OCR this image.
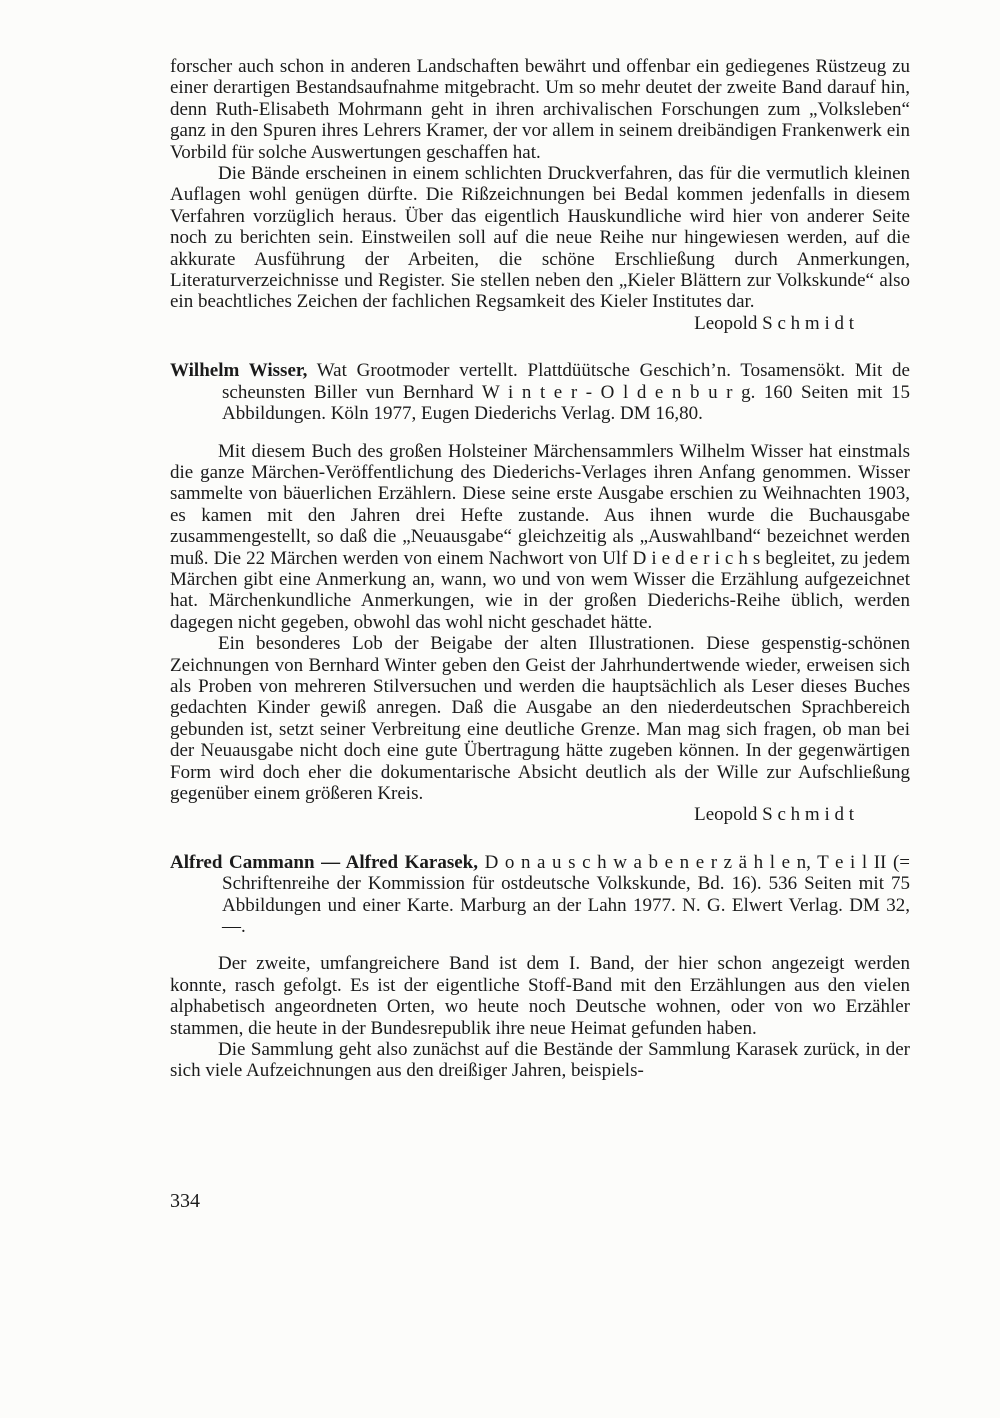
forscher auch schon in anderen Landschaften bewährt und offenbar ein gediegenes Rüstzeug zu einer derartigen Bestandsaufnahme mitgebracht. Um so mehr deutet der zweite Band darauf hin, denn Ruth-Elisabeth Mohrmann geht in ihren archivalischen Forschungen zum „Volksleben“ ganz in den Spuren ihres Lehrers Kramer, der vor allem in seinem dreibändigen Frankenwerk ein Vorbild für solche Auswertungen geschaffen hat.

Die Bände erscheinen in einem schlichten Druckverfahren, das für die vermutlich kleinen Auflagen wohl genügen dürfte. Die Rißzeichnungen bei Bedal kommen jedenfalls in diesem Verfahren vorzüglich heraus. Über das eigentlich Hauskundliche wird hier von anderer Seite noch zu berichten sein. Einstweilen soll auf die neue Reihe nur hingewiesen werden, auf die akkurate Ausführung der Arbeiten, die schöne Erschließung durch Anmerkungen, Literaturverzeichnisse und Register. Sie stellen neben den „Kieler Blättern zur Volkskunde“ also ein beachtliches Zeichen der fachlichen Regsamkeit des Kieler Institutes dar.

Leopold S c h m i d t

Wilhelm Wisser, Wat Grootmoder vertellt. Plattdüütsche Geschich’n. Tosamensökt. Mit de scheunsten Biller vun Bernhard W i n t e r - O l d e n b u r g. 160 Seiten mit 15 Abbildungen. Köln 1977, Eugen Diederichs Verlag. DM 16,80.

Mit diesem Buch des großen Holsteiner Märchensammlers Wilhelm Wisser hat einstmals die ganze Märchen-Veröffentlichung des Diederichs-Verlages ihren Anfang genommen. Wisser sammelte von bäuerlichen Erzählern. Diese seine erste Ausgabe erschien zu Weihnachten 1903, es kamen mit den Jahren drei Hefte zustande. Aus ihnen wurde die Buchausgabe zusammengestellt, so daß die „Neuausgabe“ gleichzeitig als „Auswahlband“ bezeichnet werden muß. Die 22 Märchen werden von einem Nachwort von Ulf D i e d e r i c h s begleitet, zu jedem Märchen gibt eine Anmerkung an, wann, wo und von wem Wisser die Erzählung aufgezeichnet hat. Märchenkundliche Anmerkungen, wie in der großen Diederichs-Reihe üblich, werden dagegen nicht gegeben, obwohl das wohl nicht geschadet hätte.

Ein besonderes Lob der Beigabe der alten Illustrationen. Diese gespenstig-schönen Zeichnungen von Bernhard Winter geben den Geist der Jahrhundertwende wieder, erweisen sich als Proben von mehreren Stilversuchen und werden die hauptsächlich als Leser dieses Buches gedachten Kinder gewiß anregen. Daß die Ausgabe an den niederdeutschen Sprachbereich gebunden ist, setzt seiner Verbreitung eine deutliche Grenze. Man mag sich fragen, ob man bei der Neuausgabe nicht doch eine gute Übertragung hätte zugeben können. In der gegenwärtigen Form wird doch eher die dokumentarische Absicht deutlich als der Wille zur Aufschließung gegenüber einem größeren Kreis.

Leopold S c h m i d t

Alfred Cammann — Alfred Karasek, D o n a u s c h w a b e n e r z ä h l e n, T e i l II (= Schriftenreihe der Kommission für ostdeutsche Volkskunde, Bd. 16). 536 Seiten mit 75 Abbildungen und einer Karte. Marburg an der Lahn 1977. N. G. Elwert Verlag. DM 32,—.

Der zweite, umfangreichere Band ist dem I. Band, der hier schon angezeigt werden konnte, rasch gefolgt. Es ist der eigentliche Stoff-Band mit den Erzählungen aus den vielen alphabetisch angeordneten Orten, wo heute noch Deutsche wohnen, oder von wo Erzähler stammen, die heute in der Bundesrepublik ihre neue Heimat gefunden haben.

Die Sammlung geht also zunächst auf die Bestände der Sammlung Karasek zurück, in der sich viele Aufzeichnungen aus den dreißiger Jahren, beispiels-

334
